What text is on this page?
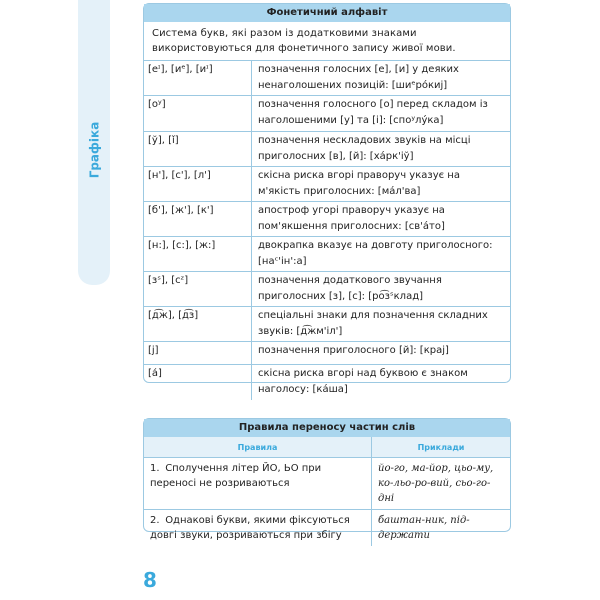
Графіка
Фонетичний алфавіт
Система букв, які разом із додатковими знаками використовуються для фонетичного запису живої мови.
[еᶦ], [иᵉ], [иᶦ]	позначення голосних [е], [и] у деяких ненаголошених позицій: [шиᵉрóкиј]
[оʸ]	позначення голосного [о] перед складом із наголошеними [у] та [і]: [споʸлýка]
[ў], [ǐ]	позначення нескладових звуків на місці приголосних [в], [й]: [хáрк'іў]
[н'], [с'], [л']	скісна риска вгорі праворуч указує на м'якість приголосних: [мáл'ва]
[б'], [ж'], [к']	апостроф угорі праворуч указує на пом'якшення приголосних: [св'áто]
[н:], [с:], [ж:]	двокрапка вказує на довготу приголосного: [наᶜ'ін':а]
[зˢ], [сᶻ]	позначення додаткового звучання приголосних [з], [с]: [ро͡зˢклад]
[д͡ж], [д͡з]	спеціальні знаки для позначення складних звуків: [д͡жм'іл']
[j]	позначення приголосного [й]: [крај]
[а́]	скісна риска вгорі над буквою є знаком наголосу: [кáша]
Правила переносу частин слів
Правила	Приклади
1. Сполучення літер ЙО, ЬО при переносі не розриваються	йо-го, ма-йор, цьо-му, ко-льо-ро-вий, сьо-го-дні
2. Однакові букви, якими фіксуються довгі звуки, розриваються при збігу	баштан-ник, під-держати
8
